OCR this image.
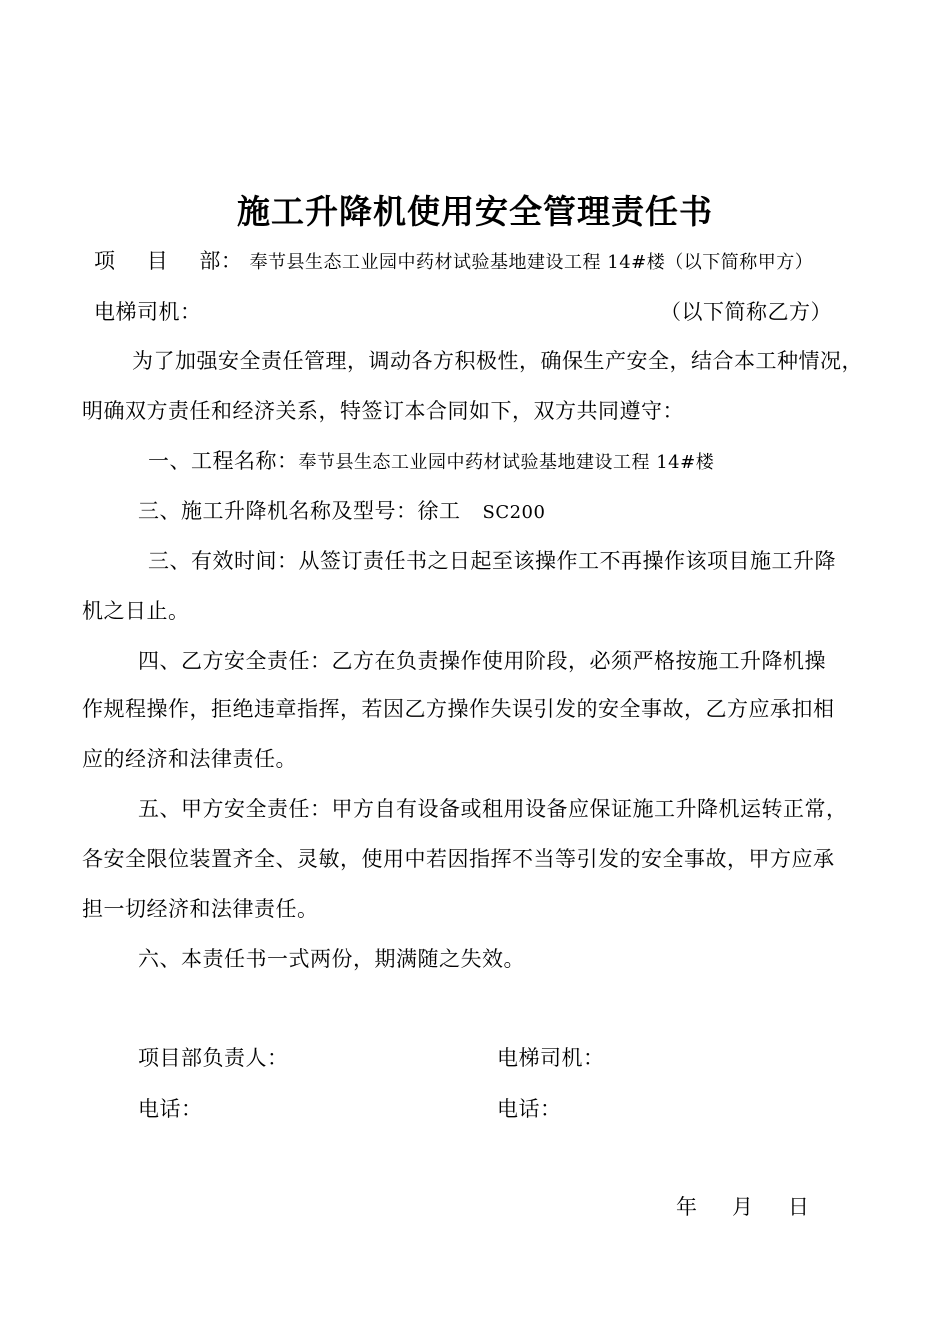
施工升降机使用安全管理责任书
项 目 部： 奉节县生态工业园中药材试验基地建设工程 14#楼（以下简称甲方）
电梯司机：	（以下简称乙方）
为了加强安全责任管理，调动各方积极性，确保生产安全，结合本工种情况，
明确双方责任和经济关系，特签订本合同如下，双方共同遵守：
一、工程名称：奉节县生态工业园中药材试验基地建设工程 14#楼
三、施工升降机名称及型号：徐工 SC200
三、有效时间：从签订责任书之日起至该操作工不再操作该项目施工升降
机之日止。
四、乙方安全责任：乙方在负责操作使用阶段，必须严格按施工升降机操
作规程操作，拒绝违章指挥，若因乙方操作失误引发的安全事故，乙方应承扣相
应的经济和法律责任。
五、甲方安全责任：甲方自有设备或租用设备应保证施工升降机运转正常，
各安全限位装置齐全、灵敏，使用中若因指挥不当等引发的安全事故，甲方应承
担一切经济和法律责任。
六、本责任书一式两份，期满随之失效。
项目部负责人：	电梯司机：
电话：	电话：
年 月 日
